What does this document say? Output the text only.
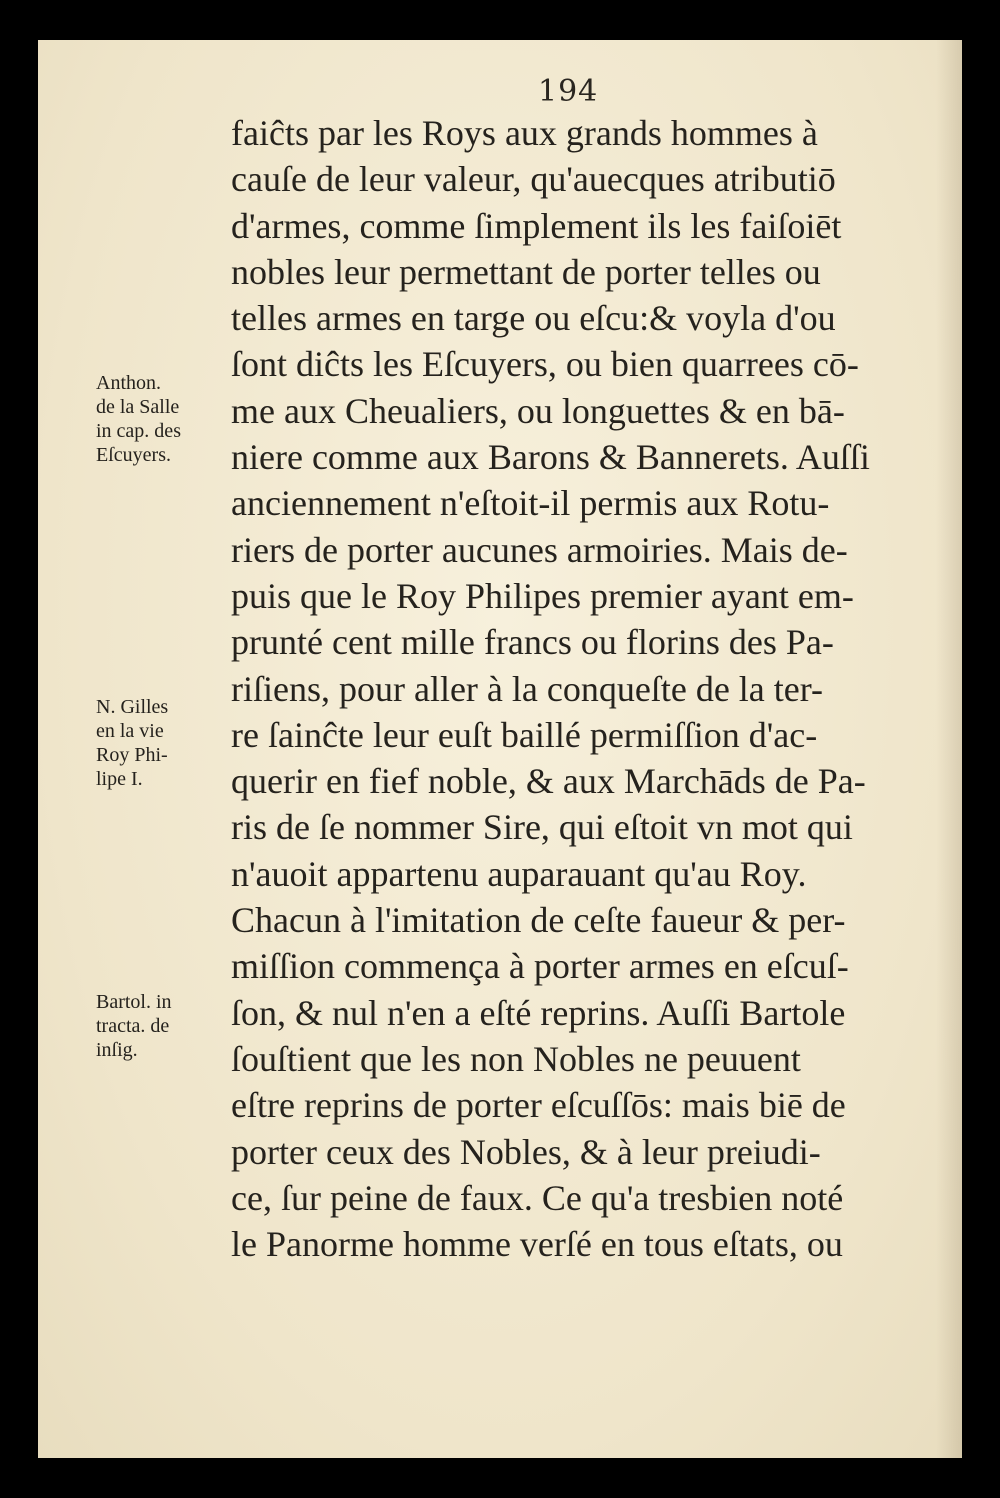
194
faiĉts par les Roys aux grands hommes à
cauſe de leur valeur, qu'auecques atributiō
d'armes, comme ſimplement ils les faiſoiēt
nobles leur permettant de porter telles ou
telles armes en targe ou eſcu:& voyla d'ou
ſont diĉts les Eſcuyers, ou bien quarrees cō-
me aux Cheualiers, ou longuettes & en bā-
niere comme aux Barons & Bannerets. Auſſi
anciennement n'eſtoit-il permis aux Rotu-
riers de porter aucunes armoiries. Mais de-
puis que le Roy Philipes premier ayant em-
prunté cent mille francs ou florins des Pa-
riſiens, pour aller à la conqueſte de la ter-
re ſainĉte leur euſt baillé permiſſion d'ac-
querir en fief noble, & aux Marchāds de Pa-
ris de ſe nommer Sire, qui eſtoit vn mot qui
n'auoit appartenu auparauant qu'au Roy.
Chacun à l'imitation de ceſte faueur & per-
miſſion commença à porter armes en eſcuſ-
ſon, & nul n'en a eſté reprins. Auſſi Bartole
ſouſtient que les non Nobles ne peuuent
eſtre reprins de porter eſcuſſōs: mais biē de
porter ceux des Nobles, & à leur preiudi-
ce, ſur peine de faux. Ce qu'a tresbien noté
le Panorme homme verſé en tous eſtats, ou
Anthon.
de la Salle
in cap. des
Eſcuyers.
N. Gilles
en la vie
Roy Phi-
lipe I.
Bartol. in
tracta. de
inſig.
